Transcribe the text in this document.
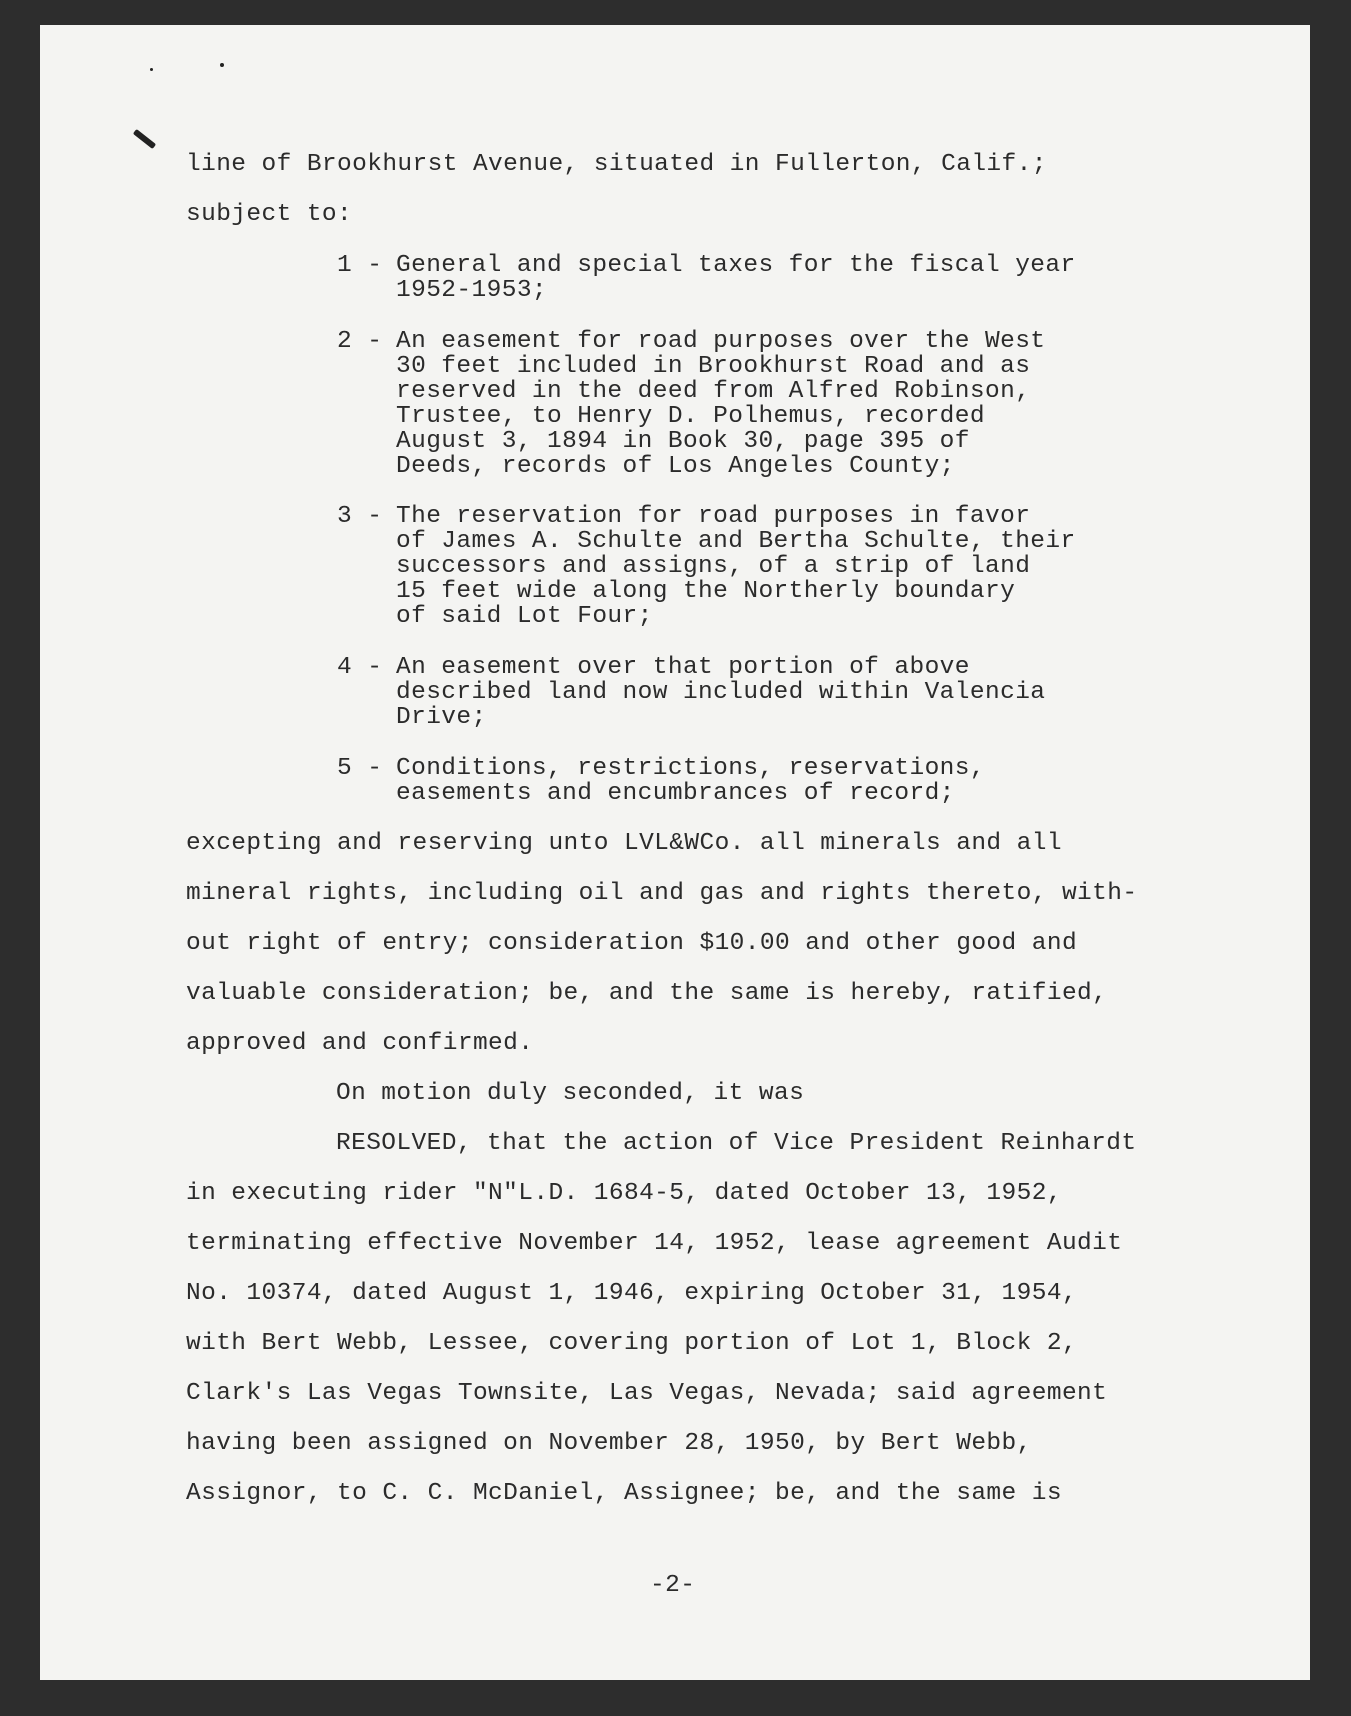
line of Brookhurst Avenue, situated in Fullerton, Calif.;

subject to:

1 - General and special taxes for the fiscal year

1952-1953;

2 - An easement for road purposes over the West

30 feet included in Brookhurst Road and as

reserved in the deed from Alfred Robinson,

Trustee, to Henry D. Polhemus, recorded

August 3, 1894 in Book 30, page 395 of

Deeds, records of Los Angeles County;

3 - The reservation for road purposes in favor

of James A. Schulte and Bertha Schulte, their

successors and assigns, of a strip of land

15 feet wide along the Northerly boundary

of said Lot Four;

4 - An easement over that portion of above

described land now included within Valencia

Drive;

5 - Conditions, restrictions, reservations,

easements and encumbrances of record;

excepting and reserving unto LVL&WCo. all minerals and all

mineral rights, including oil and gas and rights thereto, with-

out right of entry; consideration $10.00 and other good and

valuable consideration; be, and the same is hereby, ratified,

approved and confirmed.

On motion duly seconded, it was

RESOLVED, that the action of Vice President Reinhardt

in executing rider "N"L.D. 1684-5, dated October 13, 1952,

terminating effective November 14, 1952, lease agreement Audit

No. 10374, dated August 1, 1946, expiring October 31, 1954,

with Bert Webb, Lessee, covering portion of Lot 1, Block 2,

Clark's Las Vegas Townsite, Las Vegas, Nevada; said agreement

having been assigned on November 28, 1950, by Bert Webb,

Assignor, to C. C. McDaniel, Assignee; be, and the same is

-2-
